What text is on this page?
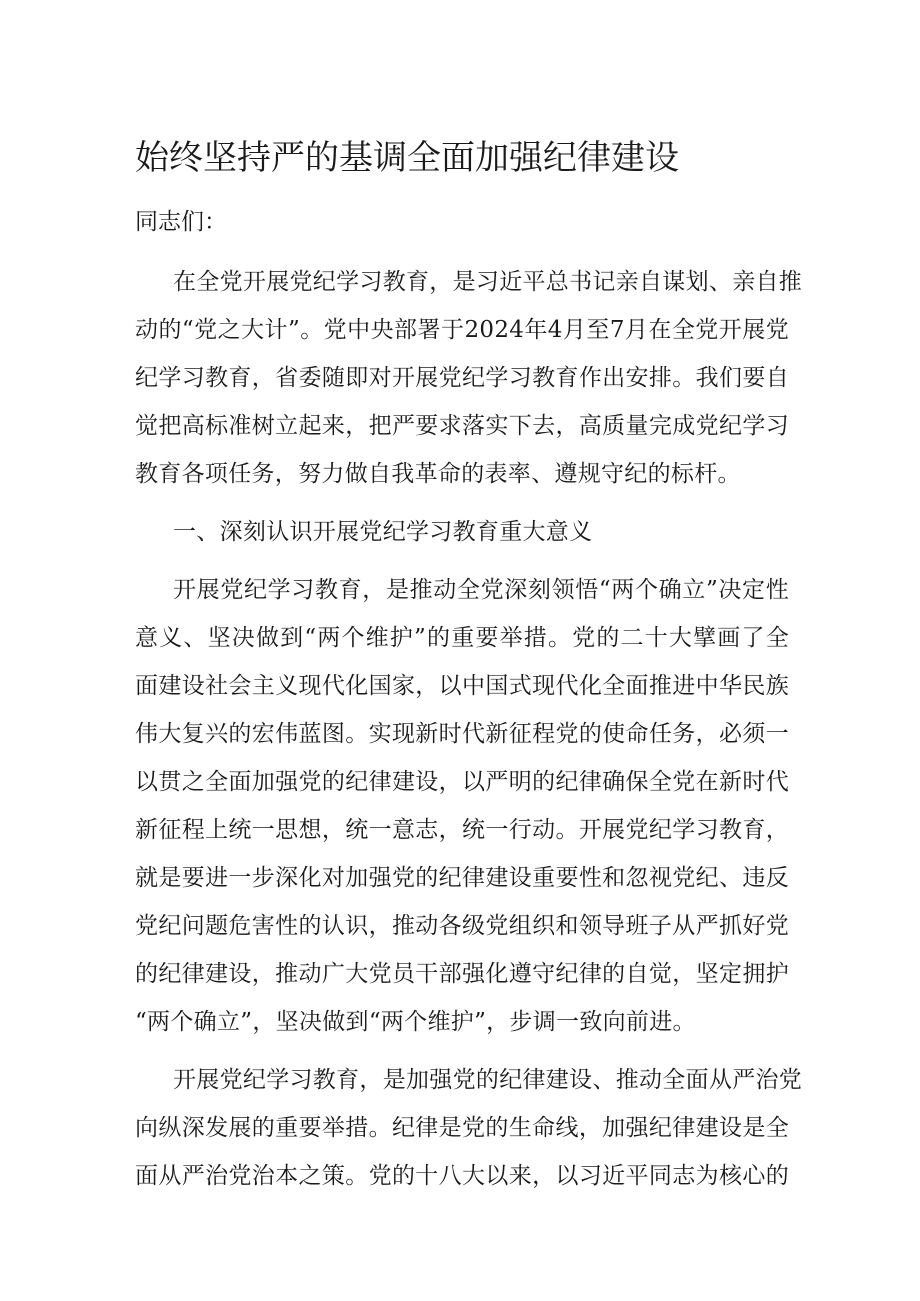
始终坚持严的基调全面加强纪律建设
同志们：
在全党开展党纪学习教育，是习近平总书记亲自谋划、亲自推
动的“党之大计”。党中央部署于2024年4月至7月在全党开展党
纪学习教育，省委随即对开展党纪学习教育作出安排。我们要自
觉把高标准树立起来，把严要求落实下去，高质量完成党纪学习
教育各项任务，努力做自我革命的表率、遵规守纪的标杆。
一、深刻认识开展党纪学习教育重大意义
开展党纪学习教育，是推动全党深刻领悟“两个确立”决定性
意义、坚决做到“两个维护”的重要举措。党的二十大擘画了全
面建设社会主义现代化国家，以中国式现代化全面推进中华民族
伟大复兴的宏伟蓝图。实现新时代新征程党的使命任务，必须一
以贯之全面加强党的纪律建设，以严明的纪律确保全党在新时代
新征程上统一思想，统一意志，统一行动。开展党纪学习教育，
就是要进一步深化对加强党的纪律建设重要性和忽视党纪、违反
党纪问题危害性的认识，推动各级党组织和领导班子从严抓好党
的纪律建设，推动广大党员干部强化遵守纪律的自觉，坚定拥护
“两个确立”，坚决做到“两个维护”，步调一致向前进。
开展党纪学习教育，是加强党的纪律建设、推动全面从严治党
向纵深发展的重要举措。纪律是党的生命线，加强纪律建设是全
面从严治党治本之策。党的十八大以来，以习近平同志为核心的
